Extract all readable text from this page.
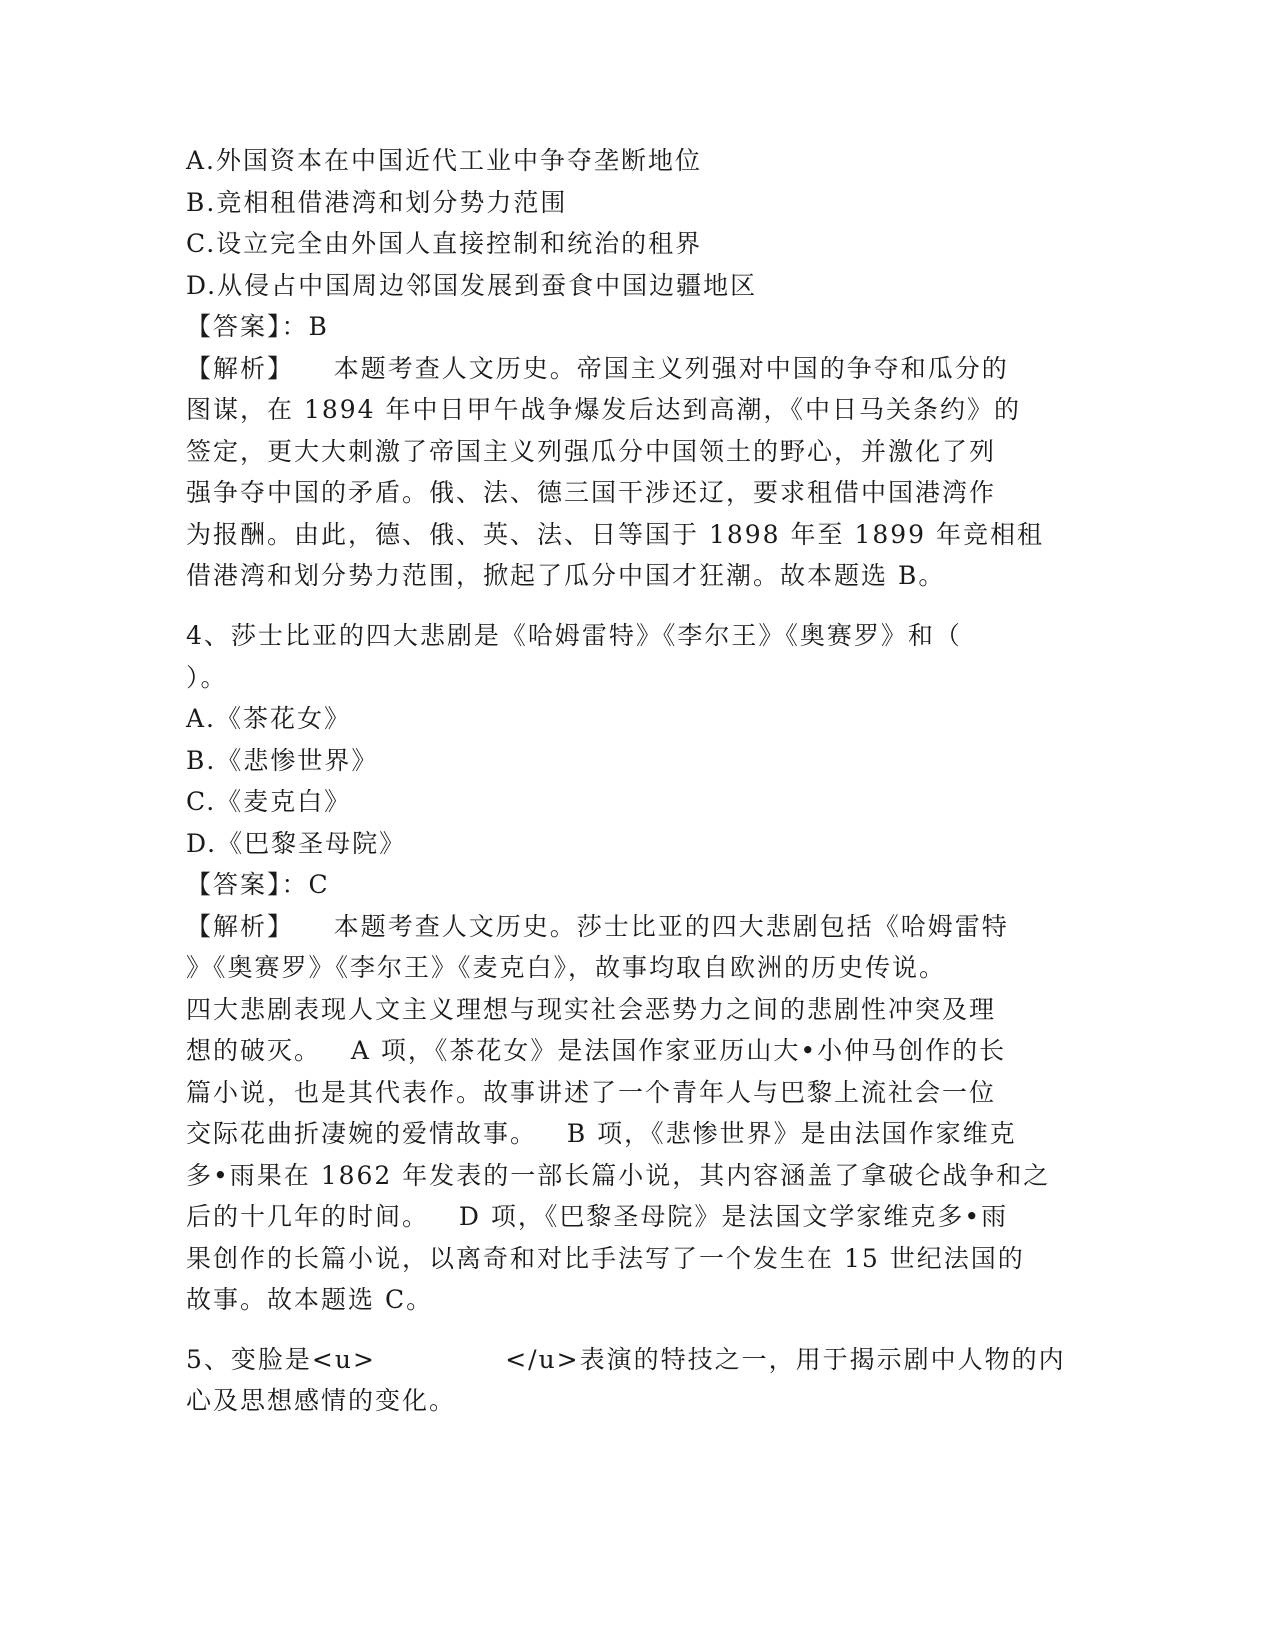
A.外国资本在中国近代工业中争夺垄断地位
B.竞相租借港湾和划分势力范围
C.设立完全由外国人直接控制和统治的租界
D.从侵占中国周边邻国发展到蚕食中国边疆地区
【答案】：B
【解析】    本题考查人文历史。帝国主义列强对中国的争夺和瓜分的
图谋，在 1894 年中日甲午战争爆发后达到高潮，《中日马关条约》的
签定，更大大刺激了帝国主义列强瓜分中国领土的野心，并激化了列
强争夺中国的矛盾。俄、法、德三国干涉还辽，要求租借中国港湾作
为报酬。由此，德、俄、英、法、日等国于 1898 年至 1899 年竞相租
借港湾和划分势力范围，掀起了瓜分中国才狂潮。故本题选 B。
4、莎士比亚的四大悲剧是《哈姆雷特》《李尔王》《奥赛罗》和（
）。
A.《茶花女》
B.《悲惨世界》
C.《麦克白》
D.《巴黎圣母院》
【答案】：C
【解析】    本题考查人文历史。莎士比亚的四大悲剧包括《哈姆雷特
》《奥赛罗》《李尔王》《麦克白》，故事均取自欧洲的历史传说。
四大悲剧表现人文主义理想与现实社会恶势力之间的悲剧性冲突及理
想的破灭。   A 项，《茶花女》是法国作家亚历山大•小仲马创作的长
篇小说，也是其代表作。故事讲述了一个青年人与巴黎上流社会一位
交际花曲折凄婉的爱情故事。   B 项，《悲惨世界》是由法国作家维克
多•雨果在 1862 年发表的一部长篇小说，其内容涵盖了拿破仑战争和之
后的十几年的时间。   D 项，《巴黎圣母院》是法国文学家维克多•雨
果创作的长篇小说，以离奇和对比手法写了一个发生在 15 世纪法国的
故事。故本题选 C。
5、变脸是<u>             </u>表演的特技之一，用于揭示剧中人物的内
心及思想感情的变化。
